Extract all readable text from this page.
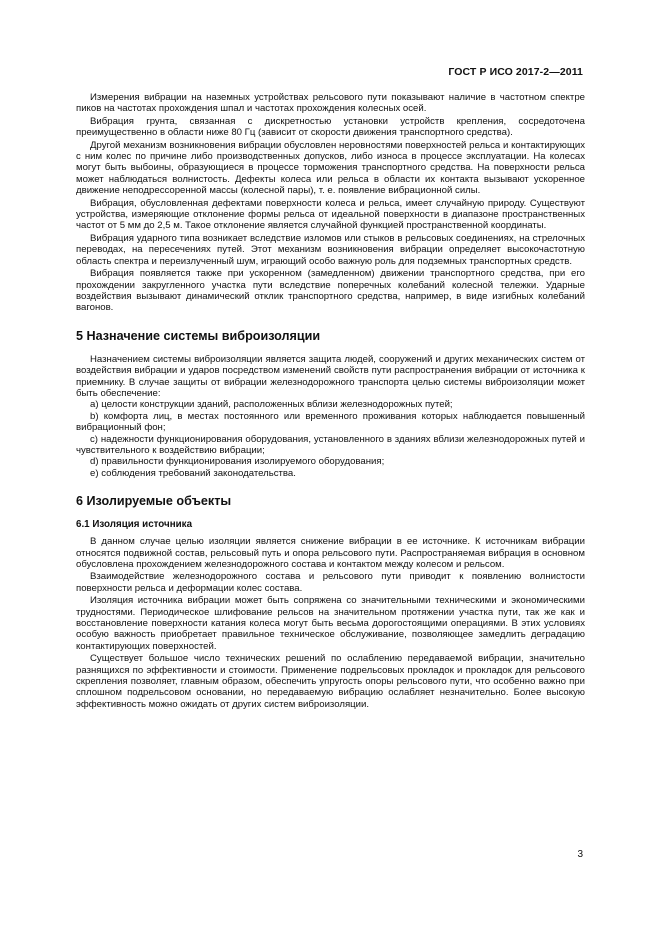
ГОСТ Р ИСО 2017-2—2011

Измерения вибрации на наземных устройствах рельсового пути показывают наличие в частотном спектре пиков на частотах прохождения шпал и частотах прохождения колесных осей.

Вибрация грунта, связанная с дискретностью установки устройств крепления, сосредоточена преимущественно в области ниже 80 Гц (зависит от скорости движения транспортного средства).

Другой механизм возникновения вибрации обусловлен неровностями поверхностей рельса и контактирующих с ним колес по причине либо производственных допусков, либо износа в процессе эксплуатации. На колесах могут быть выбоины, образующиеся в процессе торможения транспортного средства. На поверхности рельса может наблюдаться волнистость. Дефекты колеса или рельса в области их контакта вызывают ускоренное движение неподрессоренной массы (колесной пары), т. е. появление вибрационной силы.

Вибрация, обусловленная дефектами поверхности колеса и рельса, имеет случайную природу. Существуют устройства, измеряющие отклонение формы рельса от идеальной поверхности в диапазоне пространственных частот от 5 мм до 2,5 м. Такое отклонение является случайной функцией пространственной координаты.

Вибрация ударного типа возникает вследствие изломов или стыков в рельсовых соединениях, на стрелочных переводах, на пересечениях путей. Этот механизм возникновения вибрации определяет высокочастотную область спектра и переизлученный шум, играющий особо важную роль для подземных транспортных средств.

Вибрация появляется также при ускоренном (замедленном) движении транспортного средства, при его прохождении закругленного участка пути вследствие поперечных колебаний колесной тележки. Ударные воздействия вызывают динамический отклик транспортного средства, например, в виде изгибных колебаний вагонов.

5 Назначение системы виброизоляции

Назначением системы виброизоляции является защита людей, сооружений и других механических систем от воздействия вибрации и ударов посредством изменений свойств пути распространения вибрации от источника к приемнику. В случае защиты от вибрации железнодорожного транспорта целью системы виброизоляции может быть обеспечение:

a) целости конструкции зданий, расположенных вблизи железнодорожных путей;

b) комфорта лиц, в местах постоянного или временного проживания которых наблюдается повышенный вибрационный фон;

c) надежности функционирования оборудования, установленного в зданиях вблизи железнодорожных путей и чувствительного к воздействию вибрации;

d) правильности функционирования изолируемого оборудования;

e) соблюдения требований законодательства.

6 Изолируемые объекты
6.1 Изоляция источника

В данном случае целью изоляции является снижение вибрации в ее источнике. К источникам вибрации относятся подвижной состав, рельсовый путь и опора рельсового пути. Распространяемая вибрация в основном обусловлена прохождением железнодорожного состава и контактом между колесом и рельсом.

Взаимодействие железнодорожного состава и рельсового пути приводит к появлению волнистости поверхности рельса и деформации колес состава.

Изоляция источника вибрации может быть сопряжена со значительными техническими и экономическими трудностями. Периодическое шлифование рельсов на значительном протяжении участка пути, так же как и восстановление поверхности катания колеса могут быть весьма дорогостоящими операциями. В этих условиях особую важность приобретает правильное техническое обслуживание, позволяющее замедлить деградацию контактирующих поверхностей.

Существует большое число технических решений по ослаблению передаваемой вибрации, значительно разнящихся по эффективности и стоимости. Применение подрельсовых прокладок и прокладок для рельсового скрепления позволяет, главным образом, обеспечить упругость опоры рельсового пути, что особенно важно при сплошном подрельсовом основании, но передаваемую вибрацию ослабляет незначительно. Более высокую эффективность можно ожидать от других систем виброизоляции.

3
